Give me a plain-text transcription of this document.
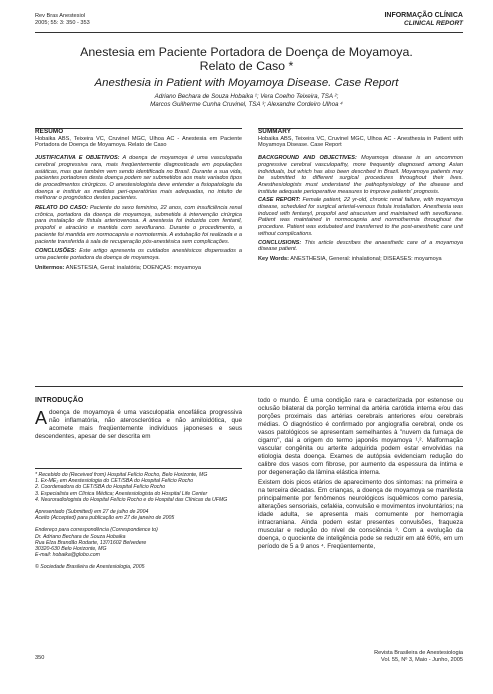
Rev Bras Anestesiol
2005; 55: 3: 350 - 353
INFORMAÇÃO CLÍNICA
CLINICAL REPORT
Anestesia em Paciente Portadora de Doença de Moyamoya.
Relato de Caso *
Anesthesia in Patient with Moyamoya Disease. Case Report
Adriano Bechara de Souza Hobaika ¹; Vera Coelho Teixeira, TSA ²;
Marcos Guilherme Cunha Cruvinel, TSA ³; Alexandre Cordeiro Ulhoa ⁴
RESUMO

Hobaika ABS, Teixeira VC, Cruvinel MGC, Ulhoa AC - Anestesia em Paciente Portadora de Doença de Moyamoya. Relato de Caso

JUSTIFICATIVA E OBJETIVOS: A doença de moyamoya é uma vasculopatia cerebral progressiva rara, mais freqüentemente diagnosticada em populações asiáticas, mas que também vem sendo identificada no Brasil. Durante a sua vida, pacientes portadores desta doença podem ser submetidos aos mais variados tipos de procedimentos cirúrgicos. O anestesiologista deve entender a fisiopatologia da doença e instituir as medidas peri-operatórias mais adequadas, no intuito de melhorar o prognóstico destes pacientes.

RELATO DO CASO: Paciente do sexo feminino, 22 anos, com insuficiência renal crônica, portadora da doença de moyamoya, submetida à intervenção cirúrgica para instalação de fístula arteriovenosa. A anestesia foi induzida com fentanil, propofol e atracúrio e mantida com sevoflurano. Durante o procedimento, a paciente foi mantida em normocapnia e normotermia. A extubação foi realizada e a paciente transferida à sala de recuperação pós-anestésica sem complicações.

CONCLUSÕES: Este artigo apresenta os cuidados anestésicos dispensados a uma paciente portadora da doença de moyamoya.

Unitermos: ANESTESIA, Geral: inalatória; DOENÇAS: moyamoya

SUMMARY

Hobaika ABS, Teixeira VC, Cruvinel MGC, Ulhoa AC - Anesthesia in Patient with Moyamoya Disease. Case Report

BACKGROUND AND OBJECTIVES: Moyamoya disease is an uncommon progressive cerebral vasculopathy, more frequently diagnosed among Asian individuals, but which has also been described in Brazil. Moyamoya patients may be submitted to different surgical procedures throughout their lives. Anesthesiologists must understand the pathophysiology of the disease and institute adequate perioperative measures to improve patients' prognosis.

CASE REPORT: Female patient, 22 yr-old, chronic renal failure, with moyamoya disease, scheduled for surgical arterial-venous fistula installation. Anesthesia was induced with fentanyl, propofol and atracurium and maintained with sevoflurane. Patient was maintained in normocapnia and normothermia throughout the procedure. Patient was extubated and transferred to the post-anesthetic care unit without complications.

CONCLUSIONS: This article describes the anaesthetic care of a moyamoya disease patient.

Key Words: ANESTHESIA, General: inhalational; DISEASES: moyamoya

INTRODUÇÃO

Adoença de moyamoya é uma vasculopatia encefálica progressiva não inflamatória, não aterosclerótica e não amiloidótica, que acomete mais freqüentemente indivíduos japoneses e seus descendentes, apesar de ser descrita em

* Recebido do (Received from) Hospital Felício Rocho, Belo Horizonte, MG

1. Ex-ME₂ em Anestesiologia do CET/SBA do Hospital Felício Rocho

2. Coordenadora do CET/SBA do Hospital Felício Rocho

3. Especialista em Clínica Médica; Anestesiologista do Hospital Life Center

4. Neuroradiologista do Hospital Felício Rocho e do Hospital das Clínicas da UFMG

Apresentado (Submitted) em 27 de julho de 2004

Aceito (Accepted) para publicação em 27 de janeiro de 2005

Endereço para correspondência (Correspondence to)

Dr. Adriano Bechara de Souza Hobaika

Rua Elza Brandão Rodarte, 137/1602 Belvedere

30320-630 Belo Horizonte, MG

E-mail: hobaika@globo.com

© Sociedade Brasileira de Anestesiologia, 2005

todo o mundo. É uma condição rara e caracterizada por estenose ou oclusão bilateral da porção terminal da artéria carótida interna e/ou das porções proximais das artérias cerebrais anteriores e/ou cerebrais médias. O diagnóstico é confirmado por angiografia cerebral, onde os vasos patológicos se apresentam semelhantes à "nuvem da fumaça de cigarro", daí a origem do termo japonês moyamoya ¹,². Malformação vascular congênita ou arterite adquirida podem estar envolvidas na etiologia desta doença. Exames de autópsia evidenciam redução do calibre dos vasos com fibrose, por aumento da espessura da íntima e por degeneração da lâmina elástica interna.

Existem dois picos etários de aparecimento dos sintomas: na primeira e na terceira décadas. Em crianças, a doença de moyamoya se manifesta principalmente por fenômenos neurológicos isquêmicos como paresia, alterações sensoriais, cefaléia, convulsão e movimentos involuntários; na idade adulta, se apresenta mais comumente por hemorragia intracraniana. Ainda podem estar presentes convulsões, fraqueza muscular e redução do nível de consciência ³. Com a evolução da doença, o quociente de inteligência pode se reduzir em até 60%, em um período de 5 a 9 anos ⁴. Freqüentemente,

350
Revista Brasileira de Anestesiologia
Vol. 55, Nº 3, Maio - Junho, 2005
